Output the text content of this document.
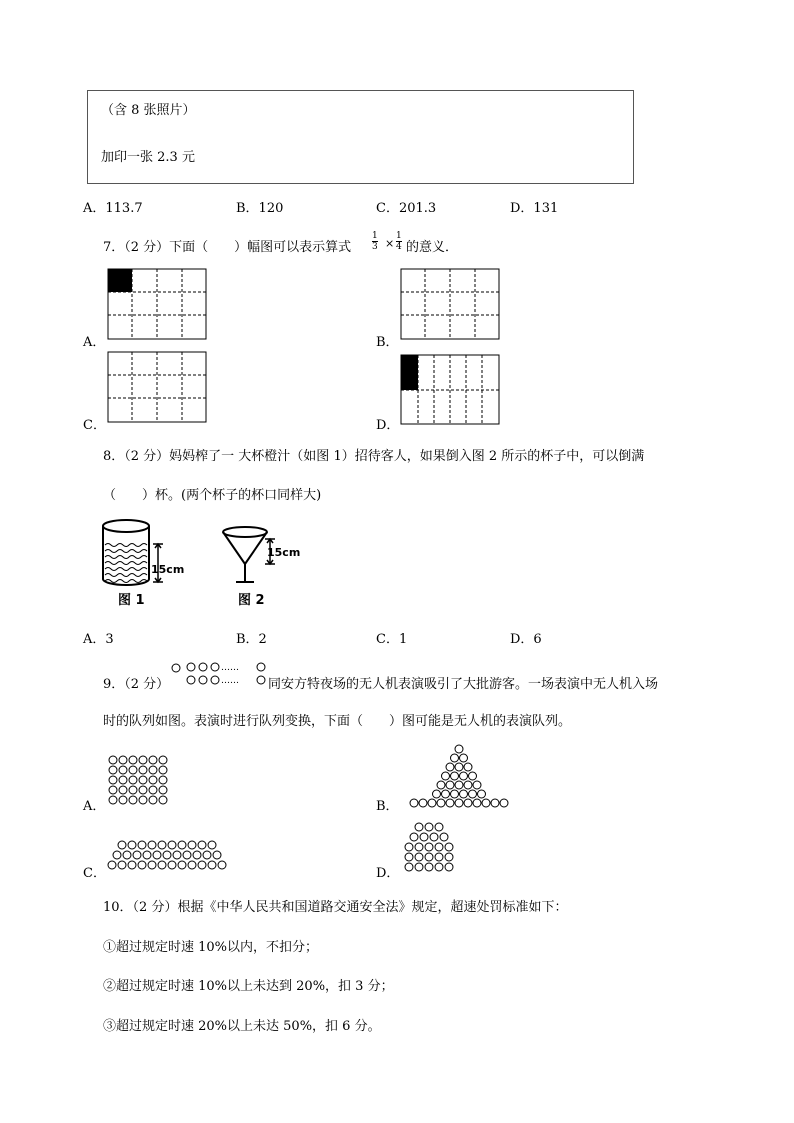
（含 8 张照片）
加印一张 2.3 元
A．113.7	B．120	C．201.3	D．131
7．（2 分）下面（　　）幅图可以表示算式 $\frac{1}{3} \times \frac{1}{4}$ 的意义．
A．	B．
C．	D．
8．（2 分）妈妈榨了一 大杯橙汁（如图 1）招待客人，如果倒入图 2 所示的杯子中，可以倒满
（　　）杯。(两个杯子的杯口同样大)
15cm
图 1
15cm
图 2
A．3	B．2	C．1	D．6
9．（2 分）
……
…… 同安方特夜场的无人机表演吸引了大批游客。一场表演中无人机入场
时的队列如图。表演时进行队列变换，下面（　　）图可能是无人机的表演队列。
A．	B．
C．	D．
10．（2 分）根据《中华人民共和国道路交通安全法》规定，超速处罚标准如下：
①超过规定时速 10%以内，不扣分；
②超过规定时速 10%以上未达到 20%，扣 3 分；
③超过规定时速 20%以上未达 50%，扣 6 分。
